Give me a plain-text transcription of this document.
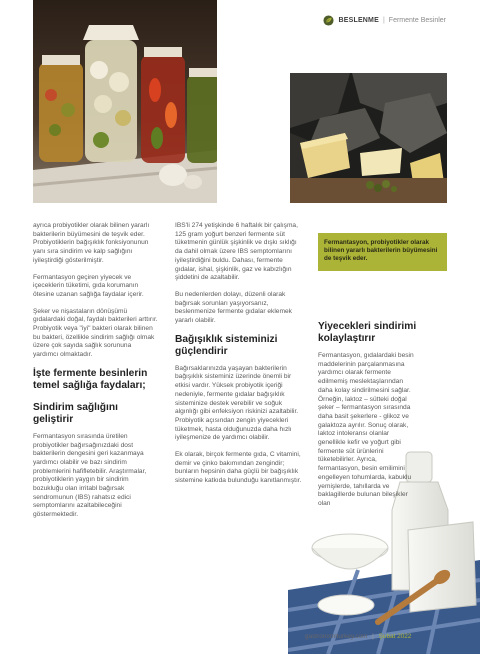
BESLENME | Fermente Besinler
Fermantasyon, probiyotikler olarak bilinen yararlı bakterilerin büyümesini de teşvik eder.

ayrıca probiyotikler olarak bilinen yararlı bakterilerin büyümesini de teşvik eder. Probiyotiklerin bağışıklık fonksiyonunun yanı sıra sindirim ve kalp sağlığını iyileştirdiği gösterilmiştir.

Fermantasyon geçiren yiyecek ve içeceklerin tüketimi, gıda korumanın ötesine uzanan sağlığa faydalar içerir.

Şeker ve nişastaların dönüşümü gıdalardaki doğal, faydalı bakterileri arttırır. Probiyotik veya "iyi" bakteri olarak bilinen bu bakteri, özellikle sindirim sağlığı olmak üzere çok sayıda sağlık sorununa yardımcı olmaktadır.

İşte fermente besinlerin temel sağlığa faydaları;
Sindirim sağlığını geliştirir

Fermantasyon sırasında üretilen probiyotikler bağırsağınızdaki dost bakterilerin dengesini geri kazanmaya yardımcı olabilir ve bazı sindirim problemlerini hafifletebilir. Araştırmalar, probiyotiklerin yaygın bir sindirim bozukluğu olan irritabl bağırsak sendromunun (IBS) rahatsız edici semptomlarını azaltabileceğini göstermektedir.

IBS'li 274 yetişkinde 6 haftalık bir çalışma, 125 gram yoğurt benzeri fermente süt tüketmenin günlük şişkinlik ve dışkı sıklığı da dahil olmak üzere IBS semptomlarını iyileştirdiğini buldu. Dahası, fermente gıdalar, ishal, şişkinlik, gaz ve kabızlığın şiddetini de azaltabilir.

Bu nedenlerden dolayı, düzenli olarak bağırsak sorunları yaşıyorsanız, beslenmenize fermente gıdalar eklemek yararlı olabilir.

Bağışıklık sisteminizi güçlendirir

Bağırsaklarınızda yaşayan bakterilerin bağışıklık sisteminiz üzerinde önemli bir etkisi vardır. Yüksek probiyotik içeriği nedeniyle, fermente gıdalar bağışıklık sisteminize destek verebilir ve soğuk algınlığı gibi enfeksiyon riskinizi azaltabilir. Probiyotik açısından zengin yiyecekleri tüketmek, hasta olduğunuzda daha hızlı iyileşmenize de yardımcı olabilir.

Ek olarak, birçok fermente gıda, C vitamini, demir ve çinko bakımından zengindir; bunların hepsinin daha güçlü bir bağışıklık sistemine katkıda bulunduğu kanıtlanmıştır.

Yiyecekleri sindirimi kolaylaştırır

Fermantasyon, gıdalardaki besin maddelerinin parçalanmasına yardımcı olarak fermente edilmemiş meslektaşlarından daha kolay sindirilmesini sağlar. Örneğin, laktoz – sütteki doğal şeker – fermantasyon sırasında daha basit şekerlere - glikoz ve galaktoza ayrılır. Sonuç olarak, laktoz intoleransı olanlar genellikle kefir ve yoğurt gibi fermente süt ürünlerini tüketebilirler. Ayrıca, fermantasyon, besin emilimini engelleyen tohumlarda, kabuklu yemişlerde, tahıllarda ve baklagillerde bulunan bileşikler olan

gastronomiturkey.com | Şubat 2022
